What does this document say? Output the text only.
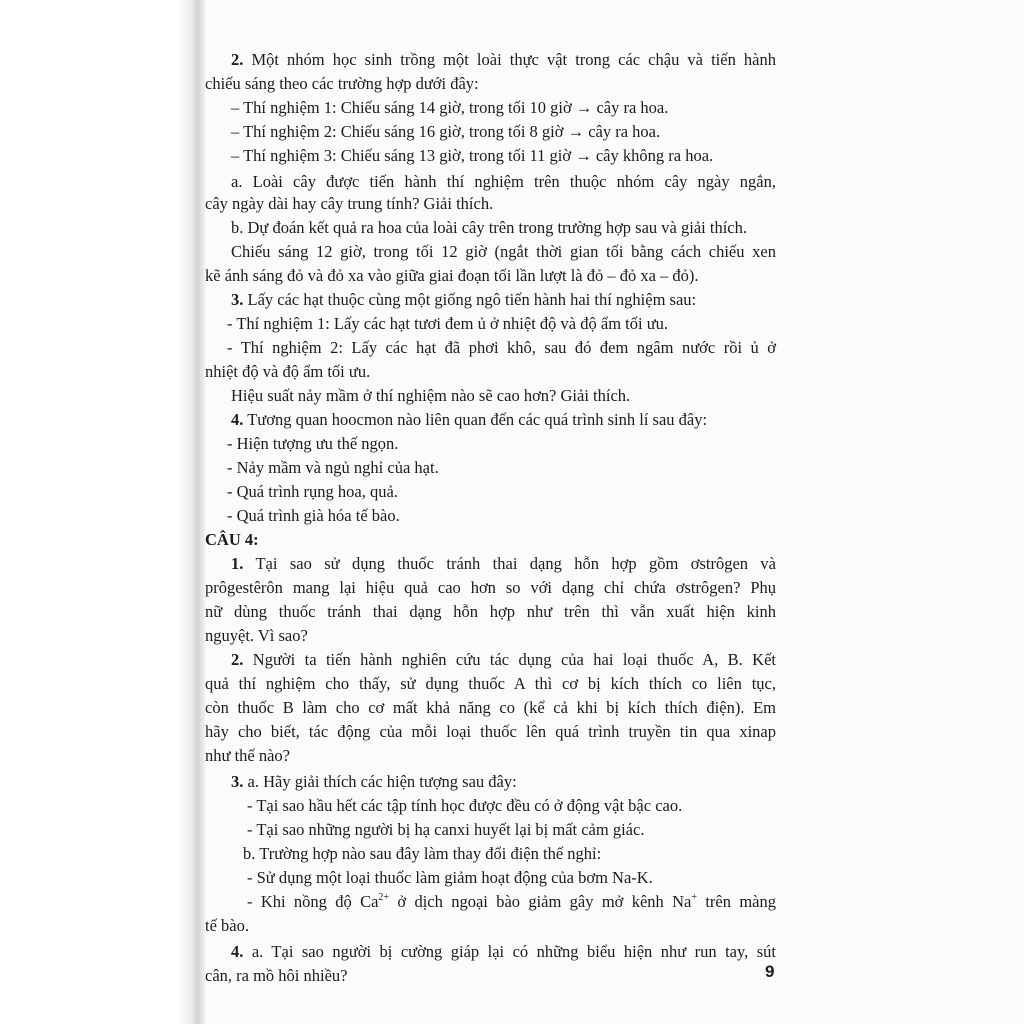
2. Một nhóm học sinh trồng một loài thực vật trong các chậu và tiến hành
chiếu sáng theo các trường hợp dưới đây:
– Thí nghiệm 1: Chiếu sáng 14 giờ, trong tối 10 giờ → cây ra hoa.
– Thí nghiệm 2: Chiếu sáng 16 giờ, trong tối 8 giờ → cây ra hoa.
– Thí nghiệm 3: Chiếu sáng 13 giờ, trong tối 11 giờ → cây không ra hoa.
a. Loài cây được tiến hành thí nghiệm trên thuộc nhóm cây ngày ngắn,
cây ngày dài hay cây trung tính? Giải thích.
b. Dự đoán kết quả ra hoa của loài cây trên trong trường hợp sau và giải thích.
Chiếu sáng 12 giờ, trong tối 12 giờ (ngắt thời gian tối bằng cách chiếu xen
kẽ ánh sáng đỏ và đỏ xa vào giữa giai đoạn tối lần lượt là đỏ – đỏ xa – đỏ).
3. Lấy các hạt thuộc cùng một giống ngô tiến hành hai thí nghiệm sau:
- Thí nghiệm 1: Lấy các hạt tươi đem ủ ở nhiệt độ và độ ẩm tối ưu.
- Thí nghiệm 2: Lấy các hạt đã phơi khô, sau đó đem ngâm nước rồi ủ ở
nhiệt độ và độ ẩm tối ưu.
Hiệu suất nảy mầm ở thí nghiệm nào sẽ cao hơn? Giải thích.
4. Tương quan hoocmon nào liên quan đến các quá trình sinh lí sau đây:
- Hiện tượng ưu thế ngọn.
- Nảy mầm và ngủ nghỉ của hạt.
- Quá trình rụng hoa, quả.
- Quá trình già hóa tế bào.
CÂU 4:
1. Tại sao sử dụng thuốc tránh thai dạng hỗn hợp gồm ơstrôgen và
prôgestêrôn mang lại hiệu quả cao hơn so với dạng chỉ chứa ơstrôgen? Phụ
nữ dùng thuốc tránh thai dạng hỗn hợp như trên thì vẫn xuất hiện kinh
nguyệt. Vì sao?
2. Người ta tiến hành nghiên cứu tác dụng của hai loại thuốc A, B. Kết
quả thí nghiệm cho thấy, sử dụng thuốc A thì cơ bị kích thích co liên tục,
còn thuốc B làm cho cơ mất khả năng co (kể cả khi bị kích thích điện). Em
hãy cho biết, tác động của mỗi loại thuốc lên quá trình truyền tin qua xinap
như thế nào?
3. a. Hãy giải thích các hiện tượng sau đây:
- Tại sao hầu hết các tập tính học được đều có ở động vật bậc cao.
- Tại sao những người bị hạ canxi huyết lại bị mất cảm giác.
b. Trường hợp nào sau đây làm thay đổi điện thế nghỉ:
- Sử dụng một loại thuốc làm giảm hoạt động của bơm Na-K.
- Khi nồng độ $Ca^{2+}$ ở dịch ngoại bào giảm gây mở kênh Na+ trên màng
tế bào.
4. a. Tại sao người bị cường giáp lại có những biểu hiện như run tay, sút
cân, ra mồ hôi nhiều?	9
